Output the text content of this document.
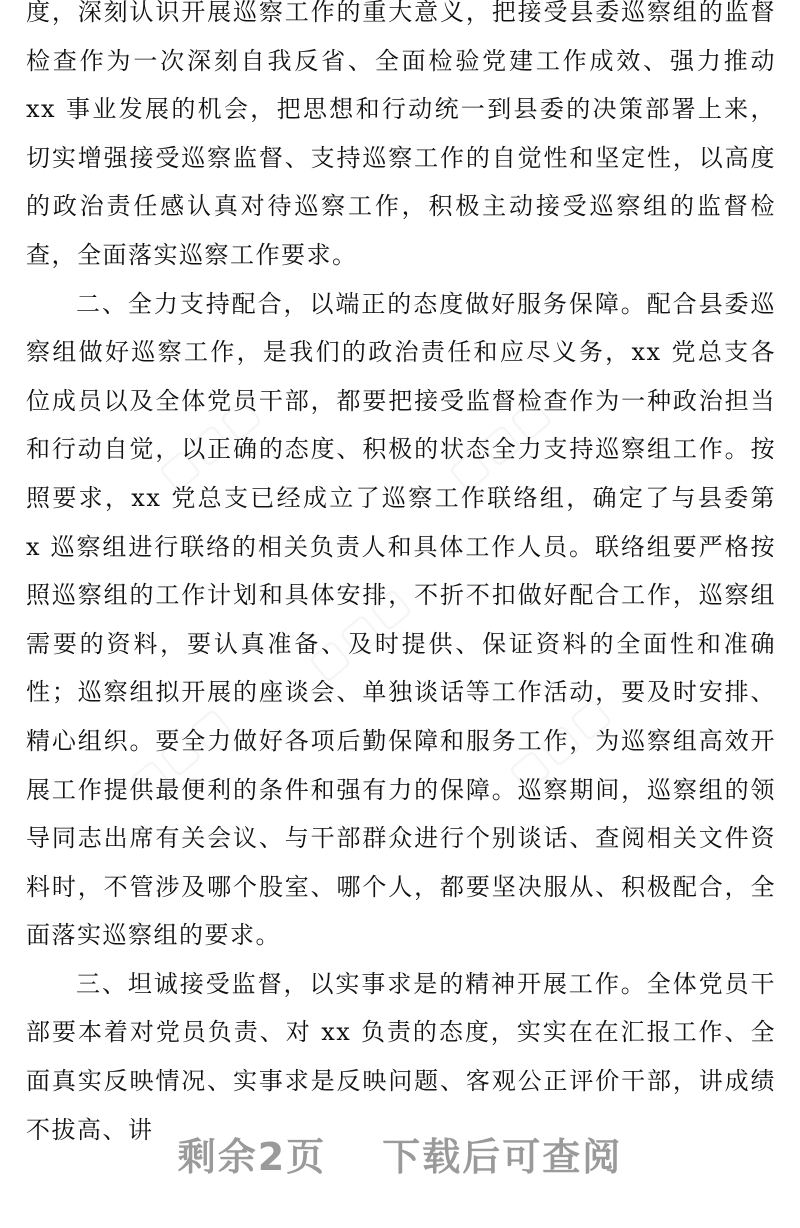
▢▢▢	▢▢▢
▢▢▢
▢▢▢	▢▢▢

度，深刻认识开展巡察工作的重大意义，把接受县委巡察组的监督检查作为一次深刻自我反省、全面检验党建工作成效、强力推动 xx 事业发展的机会，把思想和行动统一到县委的决策部署上来，切实增强接受巡察监督、支持巡察工作的自觉性和坚定性，以高度的政治责任感认真对待巡察工作，积极主动接受巡察组的监督检查，全面落实巡察工作要求。

二、全力支持配合，以端正的态度做好服务保障。配合县委巡察组做好巡察工作，是我们的政治责任和应尽义务，xx 党总支各位成员以及全体党员干部，都要把接受监督检查作为一种政治担当和行动自觉，以正确的态度、积极的状态全力支持巡察组工作。按照要求，xx 党总支已经成立了巡察工作联络组，确定了与县委第 x 巡察组进行联络的相关负责人和具体工作人员。联络组要严格按照巡察组的工作计划和具体安排，不折不扣做好配合工作，巡察组需要的资料，要认真准备、及时提供、保证资料的全面性和准确性；巡察组拟开展的座谈会、单独谈话等工作活动，要及时安排、精心组织。要全力做好各项后勤保障和服务工作，为巡察组高效开展工作提供最便利的条件和强有力的保障。巡察期间，巡察组的领导同志出席有关会议、与干部群众进行个别谈话、查阅相关文件资料时，不管涉及哪个股室、哪个人，都要坚决服从、积极配合，全面落实巡察组的要求。

三、坦诚接受监督，以实事求是的精神开展工作。全体党员干部要本着对党员负责、对 xx 负责的态度，实实在在汇报工作、全面真实反映情况、实事求是反映问题、客观公正评价干部，讲成绩不拔高、讲

剩余2页 下载后可查阅
